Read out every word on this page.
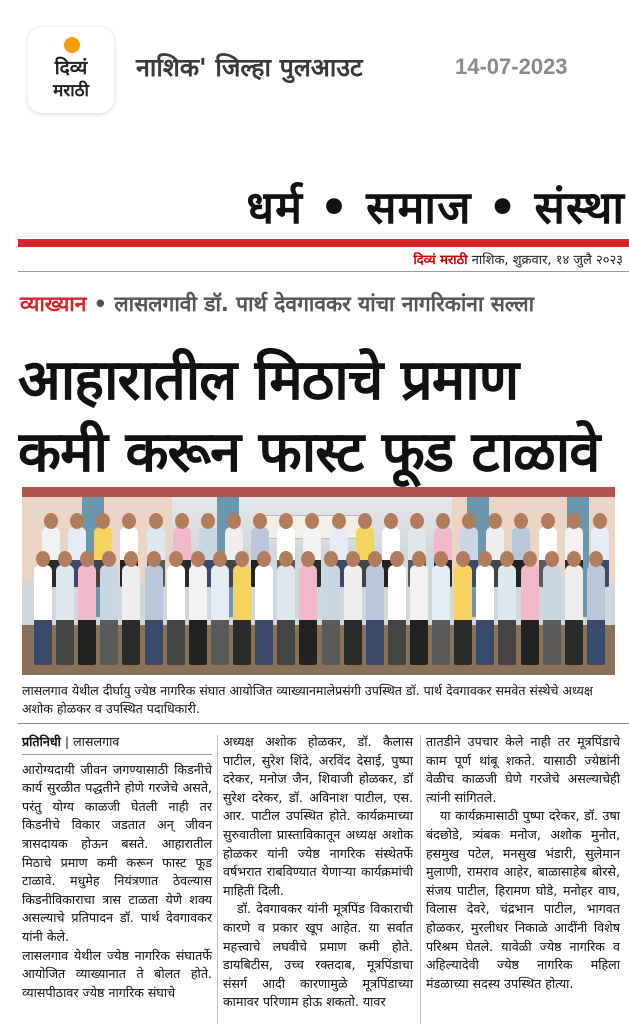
दिव्यं
मराठी
नाशिक' जिल्हा पुलआउट	14-07-2023
धर्म • समाज • संस्था
दिव्यं मराठी नाशिक, शुक्रवार, १४ जुलै २०२३
व्याख्यान • लासलगावी डॉ. पार्थ देवगावकर यांचा नागरिकांना सल्ला
आहारातील मिठाचे प्रमाण
कमी करून फास्ट फूड टाळावे
लासलगाव येथील दीर्घायु ज्येष्ठ नागरिक संघात आयोजित व्याख्यानमालेप्रसंगी उपस्थित डॉ. पार्थ देवगावकर समवेत संस्थेचे अध्यक्ष अशोक होळकर व उपस्थित पदाधिकारी.
प्रतिनिधी | लासलगाव

आरोग्यदायी जीवन जगण्यासाठी किडनीचे कार्य सुरळीत पद्धतीने होणे गरजेचे असते, परंतु योग्य काळजी घेतली नाही तर किडनीचे विकार जडतात अन् जीवन त्रासदायक होऊन बसते. आहारातील मिठाचे प्रमाण कमी करून फास्ट फूड टाळावे. मधुमेह नियंत्रणात ठेवल्यास किडनीविकाराचा त्रास टाळता येणे शक्य असल्याचे प्रतिपादन डॉ. पार्थ देवगावकर यांनी केले.

लासलगाव येथील ज्येष्ठ नागरिक संघातर्फे आयोजित व्याख्यानात ते बोलत होते. व्यासपीठावर ज्येष्ठ नागरिक संघाचे

अध्यक्ष अशोक होळकर, डॉ. कैलास पाटील, सुरेश शिंदे, अरविंद देसाई, पुष्पा दरेकर, मनोज जैन, शिवाजी होळकर, डॉ सुरेश दरेकर, डॉ. अविनाश पाटील, एस. आर. पाटील उपस्थित होते. कार्यक्रमाच्या सुरुवातीला प्रास्ताविकातून अध्यक्ष अशोक होळकर यांनी ज्येष्ठ नागरिक संस्थेतर्फे वर्षभरात राबविण्यात येणाऱ्या कार्यक्रमांची माहिती दिली.

डॉ. देवगावकर यांनी मूत्रपिंड विकाराची कारणे व प्रकार खूप आहेत. या सर्वात महत्त्वाचे लघवीचे प्रमाण कमी होते. डायबिटीस, उच्च रक्तदाब, मूत्रपिंडाचा संसर्ग आदी कारणामुळे मूत्रपिंडाच्या कामावर परिणाम होऊ शकतो. यावर

तातडीने उपचार केले नाही तर मूत्रपिंडाचे काम पूर्ण थांबू शकते. यासाठी ज्येष्ठांनी वेळीच काळजी घेणे गरजेचे असल्याचेही त्यांनी सांगितले.

या कार्यक्रमासाठी पुष्पा दरेकर, डॉ. उषा बंदछोडे, त्र्यंबक मनोज, अशोक मुनोत, हसमुख पटेल, मनसुख भंडारी, सुलेमान मुलाणी, रामराव आहेर, बाळासाहेब बोरसे, संजय पाटील, हिरामण घोडे, मनोहर वाघ, विलास देवरे, चंद्रभान पाटील, भागवत होळकर, मुरलीधर निकाळे आदींनी विशेष परिश्रम घेतले. यावेळी ज्येष्ठ नागरिक व अहिल्यादेवी ज्येष्ठ नागरिक महिला मंडळाच्या सदस्य उपस्थित होत्या.
